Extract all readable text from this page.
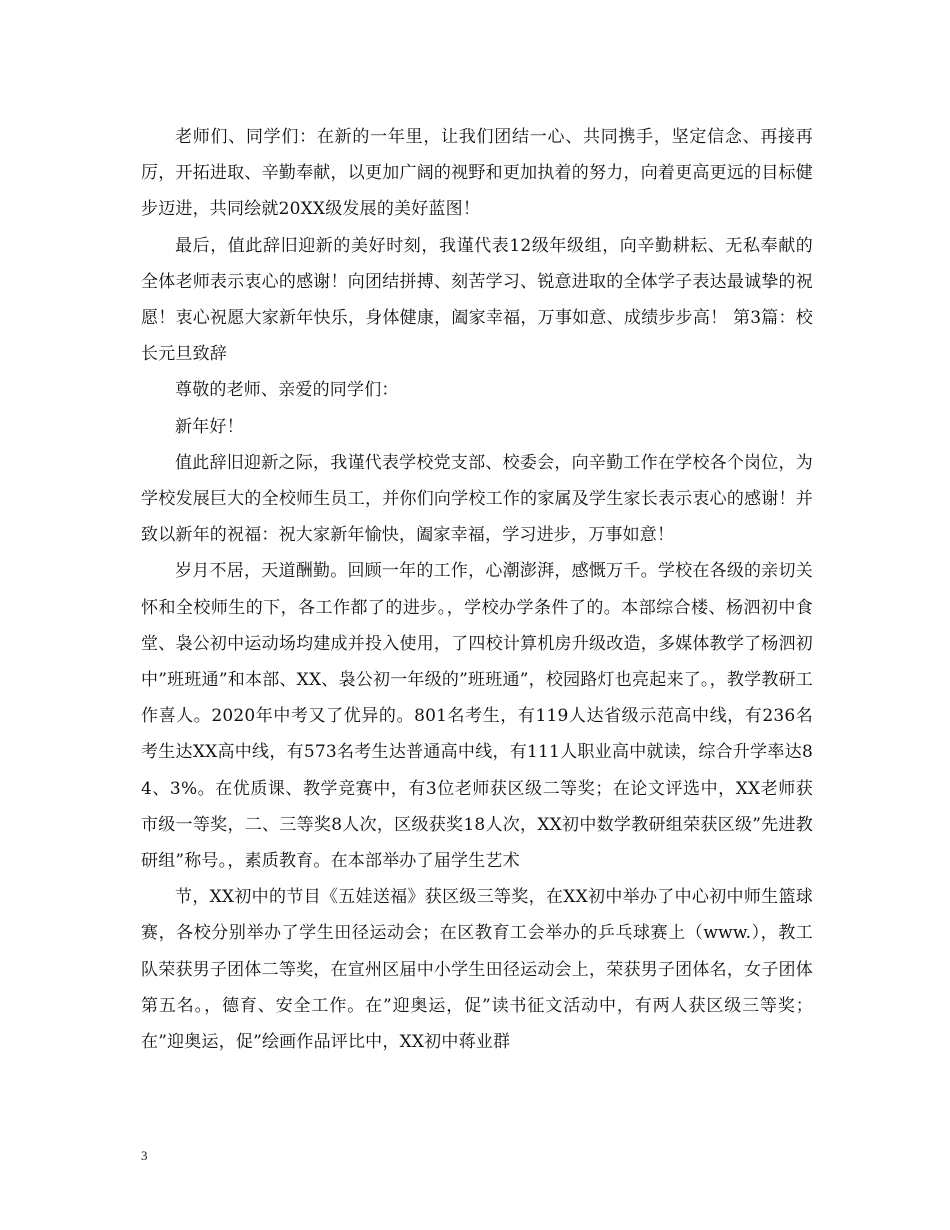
老师们、同学们：在新的一年里，让我们团结一心、共同携手，坚定信念、再接再厉，开拓进取、辛勤奉献，以更加广阔的视野和更加执着的努力，向着更高更远的目标健步迈进，共同绘就20XX级发展的美好蓝图！

最后，值此辞旧迎新的美好时刻，我谨代表12级年级组，向辛勤耕耘、无私奉献的全体老师表示衷心的感谢！向团结拼搏、刻苦学习、锐意进取的全体学子表达最诚挚的祝愿！衷心祝愿大家新年快乐，身体健康，阖家幸福，万事如意、成绩步步高！ 第3篇：校长元旦致辞

尊敬的老师、亲爱的同学们：

新年好！

值此辞旧迎新之际，我谨代表学校党支部、校委会，向辛勤工作在学校各个岗位，为学校发展巨大的全校师生员工，并你们向学校工作的家属及学生家长表示衷心的感谢！并致以新年的祝福：祝大家新年愉快，阖家幸福，学习进步，万事如意！

岁月不居，天道酬勤。回顾一年的工作，心潮澎湃，感慨万千。学校在各级的亲切关怀和全校师生的下，各工作都了的进步。，学校办学条件了的。本部综合楼、杨泗初中食堂、袅公初中运动场均建成并投入使用，了四校计算机房升级改造，多媒体教学了杨泗初中”班班通”和本部、XX、袅公初一年级的”班班通”，校园路灯也亮起来了。，教学教研工作喜人。2020年中考又了优异的。801名考生，有119人达省级示范高中线，有236名考生达XX高中线，有573名考生达普通高中线，有111人职业高中就读，综合升学率达84、3%。在优质课、教学竞赛中，有3位老师获区级二等奖；在论文评选中，XX老师获市级一等奖，二、三等奖8人次，区级获奖18人次，XX初中数学教研组荣获区级”先进教研组”称号。，素质教育。在本部举办了届学生艺术

节，XX初中的节目《五娃送福》获区级三等奖，在XX初中举办了中心初中师生篮球赛，各校分别举办了学生田径运动会；在区教育工会举办的乒乓球赛上（www.），教工队荣获男子团体二等奖，在宣州区届中小学生田径运动会上，荣获男子团体名，女子团体第五名。，德育、安全工作。在”迎奥运，促”读书征文活动中，有两人获区级三等奖；在”迎奥运，促”绘画作品评比中，XX初中蒋业群

3
